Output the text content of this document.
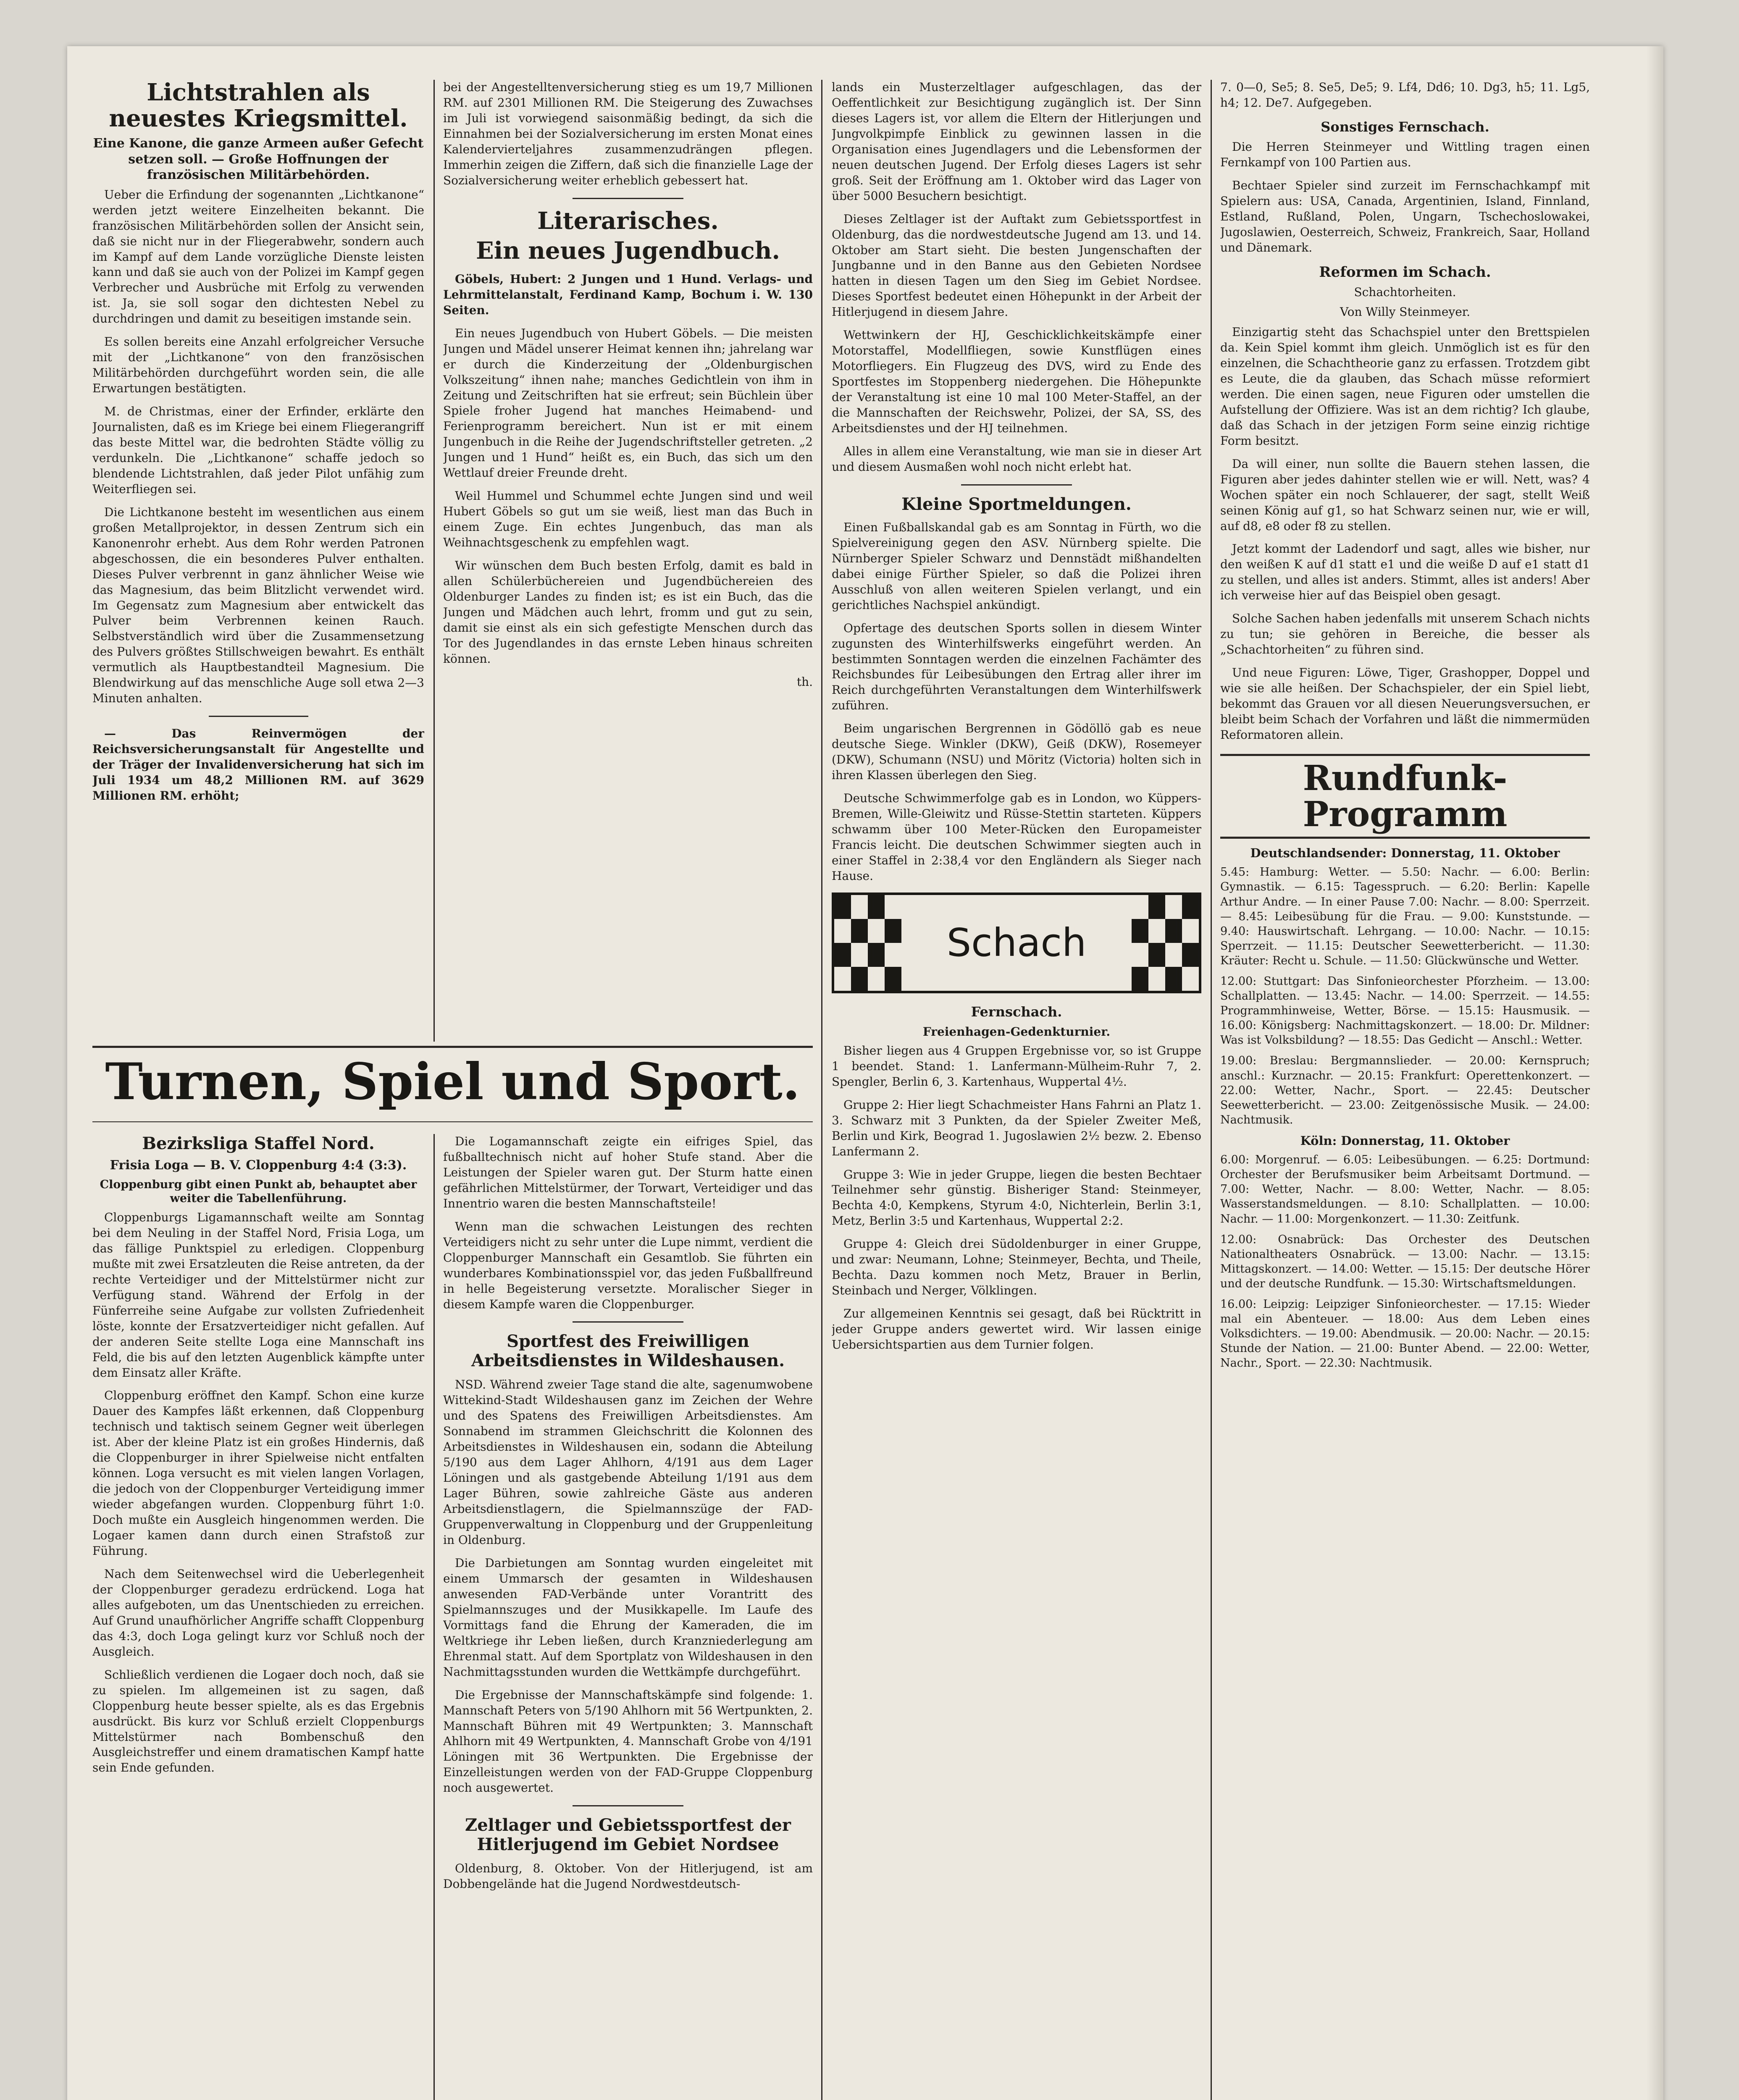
Lichtstrahlen als neuestes Kriegsmittel.

Eine Kanone, die ganze Armeen außer Gefecht setzen soll. — Große Hoffnungen der französischen Militärbehörden.

Ueber die Erfindung der sogenannten „Lichtkanone“ werden jetzt weitere Einzelheiten bekannt. Die französischen Militärbehörden sollen der Ansicht sein, daß sie nicht nur in der Fliegerabwehr, sondern auch im Kampf auf dem Lande vorzügliche Dienste leisten kann und daß sie auch von der Polizei im Kampf gegen Verbrecher und Ausbrüche mit Erfolg zu verwenden ist. Ja, sie soll sogar den dichtesten Nebel zu durchdringen und damit zu beseitigen imstande sein.

Es sollen bereits eine Anzahl erfolgreicher Versuche mit der „Lichtkanone“ von den französischen Militärbehörden durchgeführt worden sein, die alle Erwartungen bestätigten.

M. de Christmas, einer der Erfinder, erklärte den Journalisten, daß es im Kriege bei einem Fliegerangriff das beste Mittel war, die bedrohten Städte völlig zu verdunkeln. Die „Lichtkanone“ schaffe jedoch so blendende Lichtstrahlen, daß jeder Pilot unfähig zum Weiterfliegen sei.

Die Lichtkanone besteht im wesentlichen aus einem großen Metallprojektor, in dessen Zentrum sich ein Kanonenrohr erhebt. Aus dem Rohr werden Patronen abgeschossen, die ein besonderes Pulver enthalten. Dieses Pulver verbrennt in ganz ähnlicher Weise wie das Magnesium, das beim Blitzlicht verwendet wird. Im Gegensatz zum Magnesium aber entwickelt das Pulver beim Verbrennen keinen Rauch. Selbstverständlich wird über die Zusammensetzung des Pulvers größtes Stillschweigen bewahrt. Es enthält vermutlich als Hauptbestandteil Magnesium. Die Blendwirkung auf das menschliche Auge soll etwa 2—3 Minuten anhalten.

— Das Reinvermögen der Reichsversicherungsanstalt für Angestellte und der Träger der Invalidenversicherung hat sich im Juli 1934 um 48,2 Millionen RM. auf 3629 Millionen RM. erhöht;

bei der Angestelltenversicherung stieg es um 19,7 Millionen RM. auf 2301 Millionen RM. Die Steigerung des Zuwachses im Juli ist vorwiegend saisonmäßig bedingt, da sich die Einnahmen bei der Sozialversicherung im ersten Monat eines Kalendervierteljahres zusammenzudrängen pflegen. Immerhin zeigen die Ziffern, daß sich die finanzielle Lage der Sozialversicherung weiter erheblich gebessert hat.

Literarisches.
Ein neues Jugendbuch.

Göbels, Hubert: 2 Jungen und 1 Hund. Verlags- und Lehrmittelanstalt, Ferdinand Kamp, Bochum i. W. 130 Seiten.

Ein neues Jugendbuch von Hubert Göbels. — Die meisten Jungen und Mädel unserer Heimat kennen ihn; jahrelang war er durch die Kinderzeitung der „Oldenburgischen Volkszeitung“ ihnen nahe; manches Gedichtlein von ihm in Zeitung und Zeitschriften hat sie erfreut; sein Büchlein über Spiele froher Jugend hat manches Heimabend- und Ferienprogramm bereichert. Nun ist er mit einem Jungenbuch in die Reihe der Jugendschriftsteller getreten. „2 Jungen und 1 Hund“ heißt es, ein Buch, das sich um den Wettlauf dreier Freunde dreht.

Weil Hummel und Schummel echte Jungen sind und weil Hubert Göbels so gut um sie weiß, liest man das Buch in einem Zuge. Ein echtes Jungenbuch, das man als Weihnachtsgeschenk zu empfehlen wagt.

Wir wünschen dem Buch besten Erfolg, damit es bald in allen Schülerbüchereien und Jugendbüchereien des Oldenburger Landes zu finden ist; es ist ein Buch, das die Jungen und Mädchen auch lehrt, fromm und gut zu sein, damit sie einst als ein sich gefestigte Menschen durch das Tor des Jugendlandes in das ernste Leben hinaus schreiten können.

th.

Turnen, Spiel und Sport.
Bezirksliga Staffel Nord.

Frisia Loga — B. V. Cloppenburg 4:4 (3:3).

Cloppenburg gibt einen Punkt ab, behauptet aber weiter die Tabellenführung.

Cloppenburgs Ligamannschaft weilte am Sonntag bei dem Neuling in der Staffel Nord, Frisia Loga, um das fällige Punktspiel zu erledigen. Cloppenburg mußte mit zwei Ersatzleuten die Reise antreten, da der rechte Verteidiger und der Mittelstürmer nicht zur Verfügung stand. Während der Erfolg in der Fünferreihe seine Aufgabe zur vollsten Zufriedenheit löste, konnte der Ersatzverteidiger nicht gefallen. Auf der anderen Seite stellte Loga eine Mannschaft ins Feld, die bis auf den letzten Augenblick kämpfte unter dem Einsatz aller Kräfte.

Cloppenburg eröffnet den Kampf. Schon eine kurze Dauer des Kampfes läßt erkennen, daß Cloppenburg technisch und taktisch seinem Gegner weit überlegen ist. Aber der kleine Platz ist ein großes Hindernis, daß die Cloppenburger in ihrer Spielweise nicht entfalten können. Loga versucht es mit vielen langen Vorlagen, die jedoch von der Cloppenburger Verteidigung immer wieder abgefangen wurden. Cloppenburg führt 1:0. Doch mußte ein Ausgleich hingenommen werden. Die Logaer kamen dann durch einen Strafstoß zur Führung.

Nach dem Seitenwechsel wird die Ueberlegenheit der Cloppenburger geradezu erdrückend. Loga hat alles aufgeboten, um das Unentschieden zu erreichen. Auf Grund unaufhörlicher Angriffe schafft Cloppenburg das 4:3, doch Loga gelingt kurz vor Schluß noch der Ausgleich.

Schließlich verdienen die Logaer doch noch, daß sie zu spielen. Im allgemeinen ist zu sagen, daß Cloppenburg heute besser spielte, als es das Ergebnis ausdrückt. Bis kurz vor Schluß erzielt Cloppenburgs Mittelstürmer nach Bombenschuß den Ausgleichstreffer und einem dramatischen Kampf hatte sein Ende gefunden.

Die Logamannschaft zeigte ein eifriges Spiel, das fußballtechnisch nicht auf hoher Stufe stand. Aber die Leistungen der Spieler waren gut. Der Sturm hatte einen gefährlichen Mittelstürmer, der Torwart, Verteidiger und das Innentrio waren die besten Mannschaftsteile!

Wenn man die schwachen Leistungen des rechten Verteidigers nicht zu sehr unter die Lupe nimmt, verdient die Cloppenburger Mannschaft ein Gesamtlob. Sie führten ein wunderbares Kombinationsspiel vor, das jeden Fußballfreund in helle Begeisterung versetzte. Moralischer Sieger in diesem Kampfe waren die Cloppenburger.

Sportfest des Freiwilligen Arbeitsdienstes in Wildeshausen.

NSD. Während zweier Tage stand die alte, sagenumwobene Wittekind-Stadt Wildeshausen ganz im Zeichen der Wehre und des Spatens des Freiwilligen Arbeitsdienstes. Am Sonnabend im strammen Gleichschritt die Kolonnen des Arbeitsdienstes in Wildeshausen ein, sodann die Abteilung 5/190 aus dem Lager Ahlhorn, 4/191 aus dem Lager Löningen und als gastgebende Abteilung 1/191 aus dem Lager Bühren, sowie zahlreiche Gäste aus anderen Arbeitsdienstlagern, die Spielmannszüge der FAD-Gruppenverwaltung in Cloppenburg und der Gruppenleitung in Oldenburg.

Die Darbietungen am Sonntag wurden eingeleitet mit einem Ummarsch der gesamten in Wildeshausen anwesenden FAD-Verbände unter Vorantritt des Spielmannszuges und der Musikkapelle. Im Laufe des Vormittags fand die Ehrung der Kameraden, die im Weltkriege ihr Leben ließen, durch Kranzniederlegung am Ehrenmal statt. Auf dem Sportplatz von Wildeshausen in den Nachmittagsstunden wurden die Wettkämpfe durchgeführt.

Die Ergebnisse der Mannschaftskämpfe sind folgende: 1. Mannschaft Peters von 5/190 Ahlhorn mit 56 Wertpunkten, 2. Mannschaft Bühren mit 49 Wertpunkten; 3. Mannschaft Ahlhorn mit 49 Wertpunkten, 4. Mannschaft Grobe von 4/191 Löningen mit 36 Wertpunkten. Die Ergebnisse der Einzelleistungen werden von der FAD-Gruppe Cloppenburg noch ausgewertet.

Zeltlager und Gebietssportfest der Hitlerjugend im Gebiet Nordsee

Oldenburg, 8. Oktober. Von der Hitlerjugend, ist am Dobbengelände hat die Jugend Nordwestdeutsch-

lands ein Musterzeltlager aufgeschlagen, das der Oeffentlichkeit zur Besichtigung zugänglich ist. Der Sinn dieses Lagers ist, vor allem die Eltern der Hitlerjungen und Jungvolkpimpfe Einblick zu gewinnen lassen in die Organisation eines Jugendlagers und die Lebensformen der neuen deutschen Jugend. Der Erfolg dieses Lagers ist sehr groß. Seit der Eröffnung am 1. Oktober wird das Lager von über 5000 Besuchern besichtigt.

Dieses Zeltlager ist der Auftakt zum Gebietssportfest in Oldenburg, das die nordwestdeutsche Jugend am 13. und 14. Oktober am Start sieht. Die besten Jungenschaften der Jungbanne und in den Banne aus den Gebieten Nordsee hatten in diesen Tagen um den Sieg im Gebiet Nordsee. Dieses Sportfest bedeutet einen Höhepunkt in der Arbeit der Hitlerjugend in diesem Jahre.

Wettwinkern der HJ, Geschicklichkeitskämpfe einer Motorstaffel, Modellfliegen, sowie Kunstflügen eines Motorfliegers. Ein Flugzeug des DVS, wird zu Ende des Sportfestes im Stoppenberg niedergehen. Die Höhepunkte der Veranstaltung ist eine 10 mal 100 Meter-Staffel, an der die Mannschaften der Reichswehr, Polizei, der SA, SS, des Arbeitsdienstes und der HJ teilnehmen.

Alles in allem eine Veranstaltung, wie man sie in dieser Art und diesem Ausmaßen wohl noch nicht erlebt hat.

Kleine Sportmeldungen.

Einen Fußballskandal gab es am Sonntag in Fürth, wo die Spielvereinigung gegen den ASV. Nürnberg spielte. Die Nürnberger Spieler Schwarz und Dennstädt mißhandelten dabei einige Fürther Spieler, so daß die Polizei ihren Ausschluß von allen weiteren Spielen verlangt, und ein gerichtliches Nachspiel ankündigt.

Opfertage des deutschen Sports sollen in diesem Winter zugunsten des Winterhilfswerks eingeführt werden. An bestimmten Sonntagen werden die einzelnen Fachämter des Reichsbundes für Leibesübungen den Ertrag aller ihrer im Reich durchgeführten Veranstaltungen dem Winterhilfswerk zuführen.

Beim ungarischen Bergrennen in Gödöllö gab es neue deutsche Siege. Winkler (DKW), Geiß (DKW), Rosemeyer (DKW), Schumann (NSU) und Möritz (Victoria) holten sich in ihren Klassen überlegen den Sieg.

Deutsche Schwimmerfolge gab es in London, wo Küppers-Bremen, Wille-Gleiwitz und Rüsse-Stettin starteten. Küppers schwamm über 100 Meter-Rücken den Europameister Francis leicht. Die deutschen Schwimmer siegten auch in einer Staffel in 2:38,4 vor den Engländern als Sieger nach Hause.

Schach
Fernschach.

Freienhagen-Gedenkturnier.

Bisher liegen aus 4 Gruppen Ergebnisse vor, so ist Gruppe 1 beendet. Stand: 1. Lanfermann-Mülheim-Ruhr 7, 2. Spengler, Berlin 6, 3. Kartenhaus, Wuppertal 4½.

Gruppe 2: Hier liegt Schachmeister Hans Fahrni an Platz 1. 3. Schwarz mit 3 Punkten, da der Spieler Zweiter Meß, Berlin und Kirk, Beograd 1. Jugoslawien 2½ bezw. 2. Ebenso Lanfermann 2.

Gruppe 3: Wie in jeder Gruppe, liegen die besten Bechtaer Teilnehmer sehr günstig. Bisheriger Stand: Steinmeyer, Bechta 4:0, Kempkens, Styrum 4:0, Nichterlein, Berlin 3:1, Metz, Berlin 3:5 und Kartenhaus, Wuppertal 2:2.

Gruppe 4: Gleich drei Südoldenburger in einer Gruppe, und zwar: Neumann, Lohne; Steinmeyer, Bechta, und Theile, Bechta. Dazu kommen noch Metz, Brauer in Berlin, Steinbach und Nerger, Völklingen.

Zur allgemeinen Kenntnis sei gesagt, daß bei Rücktritt in jeder Gruppe anders gewertet wird. Wir lassen einige Uebersichtspartien aus dem Turnier folgen.

7. 0—0, Se5; 8. Se5, De5; 9. Lf4, Dd6; 10. Dg3, h5; 11. Lg5, h4; 12. De7. Aufgegeben.

Sonstiges Fernschach.

Die Herren Steinmeyer und Wittling tragen einen Fernkampf von 100 Partien aus.

Bechtaer Spieler sind zurzeit im Fernschachkampf mit Spielern aus: USA, Canada, Argentinien, Island, Finnland, Estland, Rußland, Polen, Ungarn, Tschechoslowakei, Jugoslawien, Oesterreich, Schweiz, Frankreich, Saar, Holland und Dänemark.

Reformen im Schach.

Schachtorheiten.

Von Willy Steinmeyer.

Einzigartig steht das Schachspiel unter den Brettspielen da. Kein Spiel kommt ihm gleich. Unmöglich ist es für den einzelnen, die Schachtheorie ganz zu erfassen. Trotzdem gibt es Leute, die da glauben, das Schach müsse reformiert werden. Die einen sagen, neue Figuren oder umstellen die Aufstellung der Offiziere. Was ist an dem richtig? Ich glaube, daß das Schach in der jetzigen Form seine einzig richtige Form besitzt.

Da will einer, nun sollte die Bauern stehen lassen, die Figuren aber jedes dahinter stellen wie er will. Nett, was? 4 Wochen später ein noch Schlauerer, der sagt, stellt Weiß seinen König auf g1, so hat Schwarz seinen nur, wie er will, auf d8, e8 oder f8 zu stellen.

Jetzt kommt der Ladendorf und sagt, alles wie bisher, nur den weißen K auf d1 statt e1 und die weiße D auf e1 statt d1 zu stellen, und alles ist anders. Stimmt, alles ist anders! Aber ich verweise hier auf das Beispiel oben gesagt.

Solche Sachen haben jedenfalls mit unserem Schach nichts zu tun; sie gehören in Bereiche, die besser als „Schachtorheiten“ zu führen sind.

Und neue Figuren: Löwe, Tiger, Grashopper, Doppel und wie sie alle heißen. Der Schachspieler, der ein Spiel liebt, bekommt das Grauen vor all diesen Neuerungsversuchen, er bleibt beim Schach der Vorfahren und läßt die nimmermüden Reformatoren allein.

Rundfunk-Programm

Deutschlandsender: Donnerstag, 11. Oktober

5.45: Hamburg: Wetter. — 5.50: Nachr. — 6.00: Berlin: Gymnastik. — 6.15: Tagesspruch. — 6.20: Berlin: Kapelle Arthur Andre. — In einer Pause 7.00: Nachr. — 8.00: Sperrzeit. — 8.45: Leibesübung für die Frau. — 9.00: Kunststunde. — 9.40: Hauswirtschaft. Lehrgang. — 10.00: Nachr. — 10.15: Sperrzeit. — 11.15: Deutscher Seewetterbericht. — 11.30: Kräuter: Recht u. Schule. — 11.50: Glückwünsche und Wetter.

12.00: Stuttgart: Das Sinfonieorchester Pforzheim. — 13.00: Schallplatten. — 13.45: Nachr. — 14.00: Sperrzeit. — 14.55: Programmhinweise, Wetter, Börse. — 15.15: Hausmusik. — 16.00: Königsberg: Nachmittagskonzert. — 18.00: Dr. Mildner: Was ist Volksbildung? — 18.55: Das Gedicht — Anschl.: Wetter.

19.00: Breslau: Bergmannslieder. — 20.00: Kernspruch; anschl.: Kurznachr. — 20.15: Frankfurt: Operettenkonzert. — 22.00: Wetter, Nachr., Sport. — 22.45: Deutscher Seewetterbericht. — 23.00: Zeitgenössische Musik. — 24.00: Nachtmusik.

Köln: Donnerstag, 11. Oktober

6.00: Morgenruf. — 6.05: Leibesübungen. — 6.25: Dortmund: Orchester der Berufsmusiker beim Arbeitsamt Dortmund. — 7.00: Wetter, Nachr. — 8.00: Wetter, Nachr. — 8.05: Wasserstandsmeldungen. — 8.10: Schallplatten. — 10.00: Nachr. — 11.00: Morgenkonzert. — 11.30: Zeitfunk.

12.00: Osnabrück: Das Orchester des Deutschen Nationaltheaters Osnabrück. — 13.00: Nachr. — 13.15: Mittagskonzert. — 14.00: Wetter. — 15.15: Der deutsche Hörer und der deutsche Rundfunk. — 15.30: Wirtschaftsmeldungen.

16.00: Leipzig: Leipziger Sinfonieorchester. — 17.15: Wieder mal ein Abenteuer. — 18.00: Aus dem Leben eines Volksdichters. — 19.00: Abendmusik. — 20.00: Nachr. — 20.15: Stunde der Nation. — 21.00: Bunter Abend. — 22.00: Wetter, Nachr., Sport. — 22.30: Nachtmusik.
